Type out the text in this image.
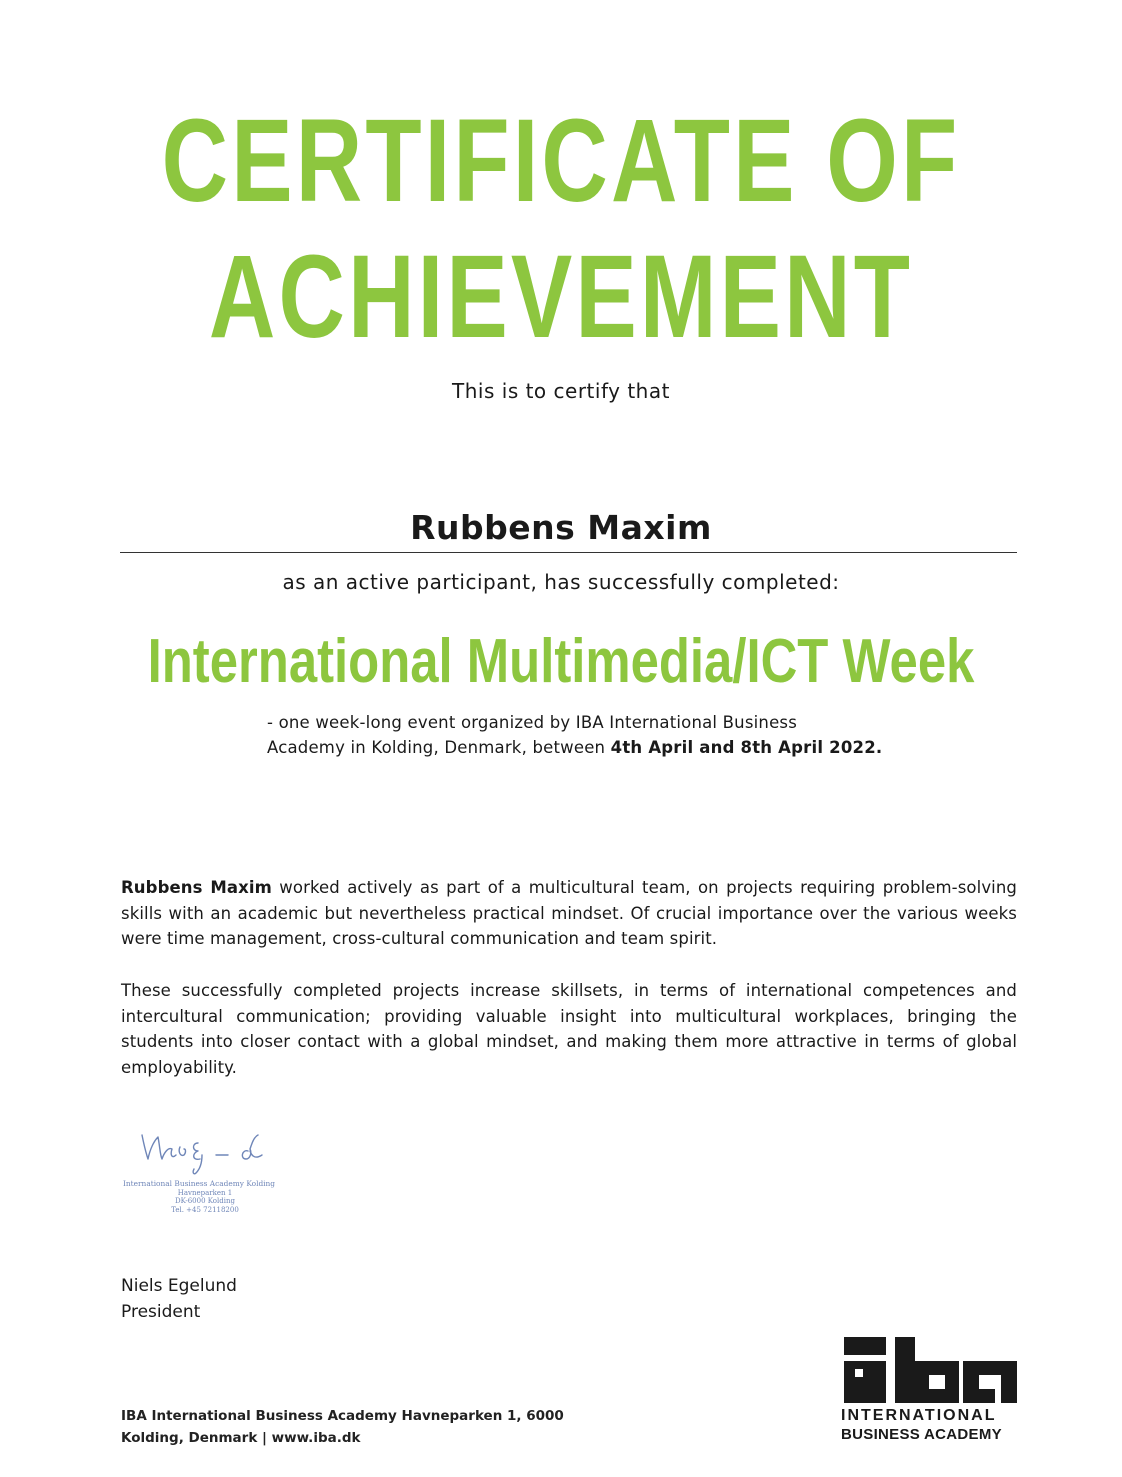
CERTIFICATE OF
ACHIEVEMENT
This is to certify that
Rubbens Maxim
as an active participant, has successfully completed:
International Multimedia/ICT Week
- one week-long event organized by IBA International Business
Academy in Kolding, Denmark, between 4th April and 8th April 2022.
Rubbens Maxim worked actively as part of a multicultural team, on projects requiring problem-solving skills with an academic but nevertheless practical mindset. Of crucial importance over the various weeks were time management, cross-cultural communication and team spirit.
These successfully completed projects increase skillsets, in terms of international competences and intercultural communication; providing valuable insight into multicultural workplaces, bringing the students into closer contact with a global mindset, and making them more attractive in terms of global employability.
International Business Academy Kolding
Havneparken 1
DK-6000 Kolding
Tel. +45 72118200
Niels Egelund
President
IBA International Business Academy Havneparken 1, 6000
Kolding, Denmark | www.iba.dk
INTERNATIONAL
BUSINESS ACADEMY
